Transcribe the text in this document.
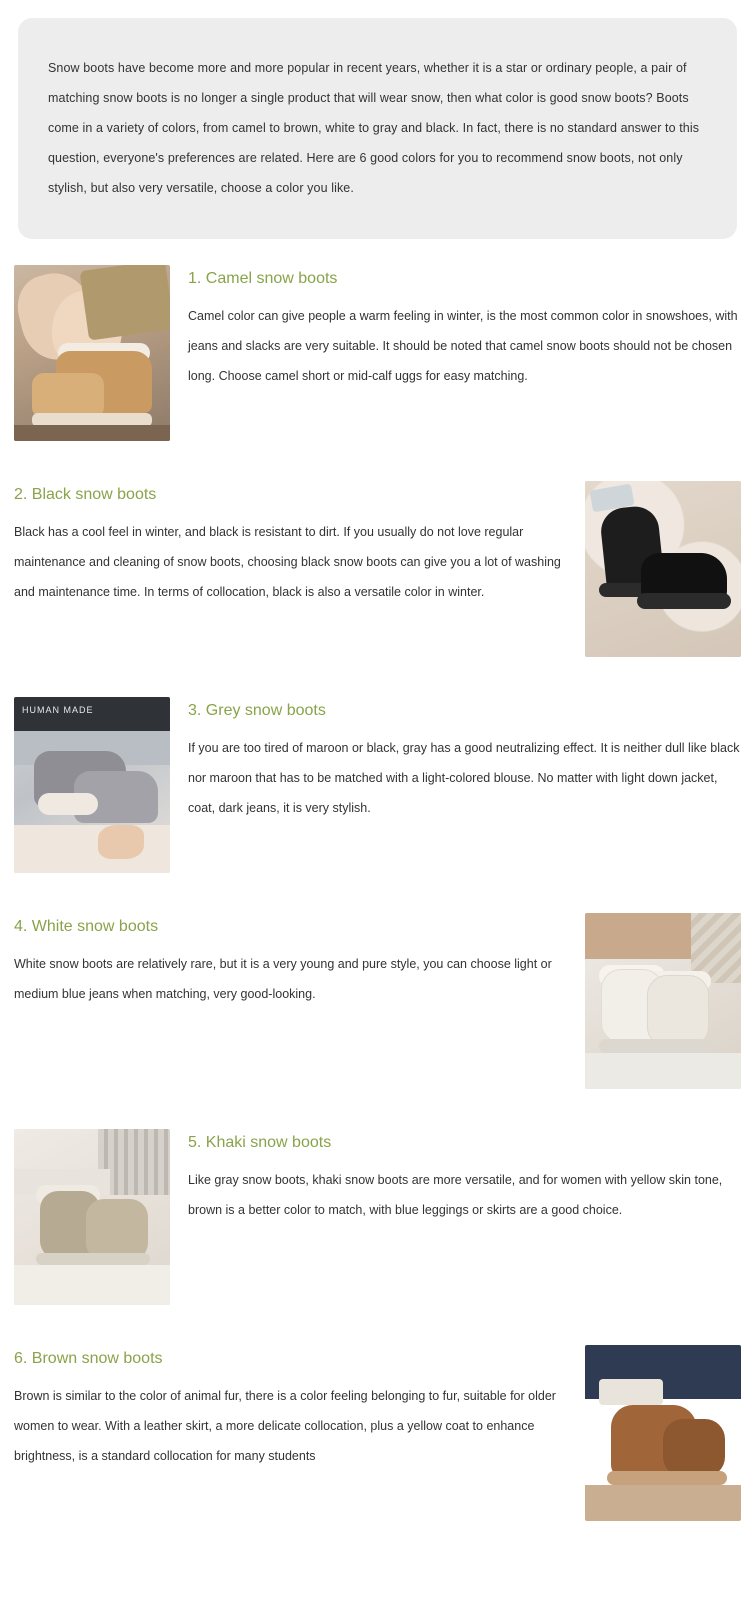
Snow boots have become more and more popular in recent years, whether it is a star or ordinary people, a pair of matching snow boots is no longer a single product that will wear snow, then what color is good snow boots? Boots come in a variety of colors, from camel to brown, white to gray and black. In fact, there is no standard answer to this question, everyone's preferences are related. Here are 6 good colors for you to recommend snow boots, not only stylish, but also very versatile, choose a color you like.

1. Camel snow boots

Camel color can give people a warm feeling in winter, is the most common color in snowshoes, with jeans and slacks are very suitable. It should be noted that camel snow boots should not be chosen long. Choose camel short or mid-calf uggs for easy matching.

2. Black snow boots

Black has a cool feel in winter, and black is resistant to dirt. If you usually do not love regular maintenance and cleaning of snow boots, choosing black snow boots can give you a lot of washing and maintenance time. In terms of collocation, black is also a versatile color in winter.

HUMAN MADE	3. Grey snow boots

If you are too tired of maroon or black, gray has a good neutralizing effect. It is neither dull like black nor maroon that has to be matched with a light-colored blouse. No matter with light down jacket, coat, dark jeans, it is very stylish.

4. White snow boots

White snow boots are relatively rare, but it is a very young and pure style, you can choose light or medium blue jeans when matching, very good-looking.

5. Khaki snow boots

Like gray snow boots, khaki snow boots are more versatile, and for women with yellow skin tone, brown is a better color to match, with blue leggings or skirts are a good choice.

6. Brown snow boots

Brown is similar to the color of animal fur, there is a color feeling belonging to fur, suitable for older women to wear. With a leather skirt, a more delicate collocation, plus a yellow coat to enhance brightness, is a standard collocation for many students
